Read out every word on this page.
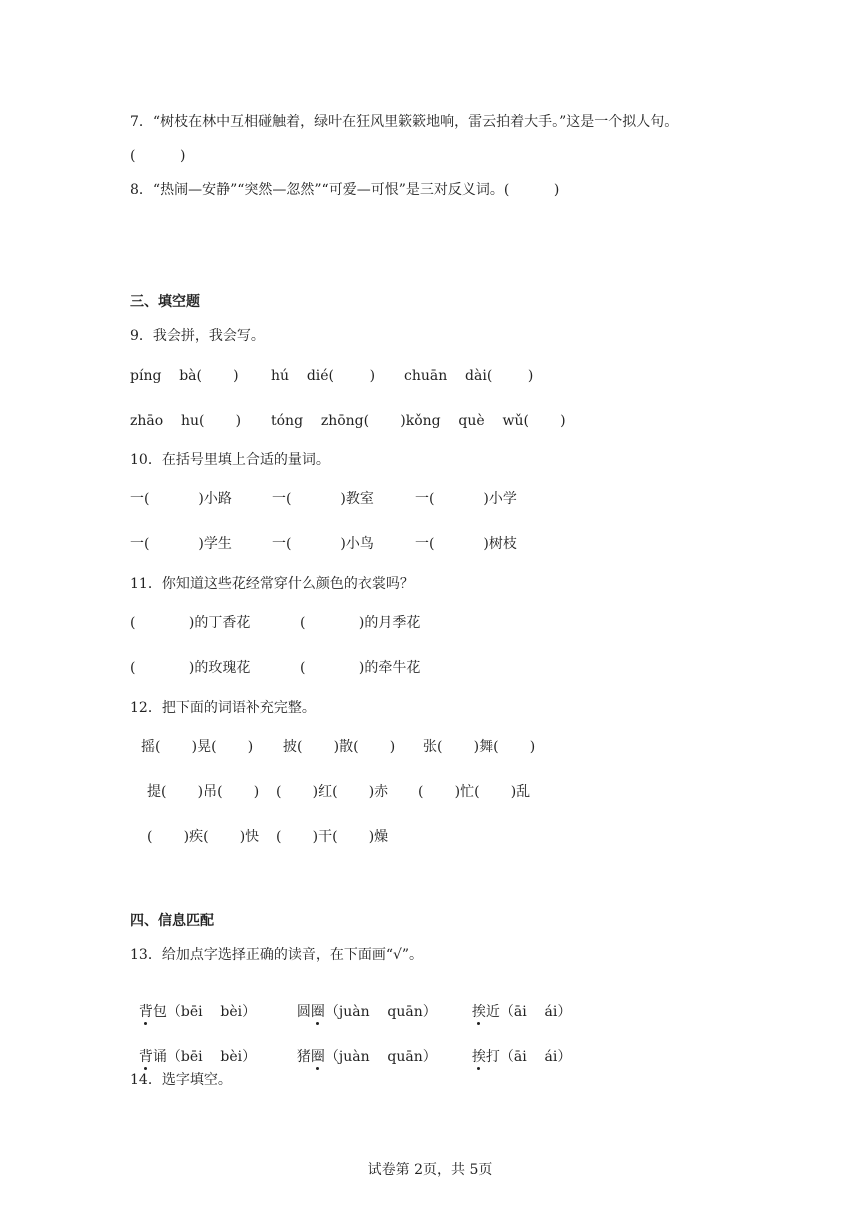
7．“树枝在林中互相碰触着，绿叶在狂风里簌簌地响，雷云拍着大手。”这是一个拟人句。
(          )
8．“热闹—安静”“突然—忽然”“可爱—可恨”是三对反义词。(          )
三、填空题
9．我会拼，我会写。
píng    bà(       ) hú    dié(        ) chuān    dài(        )
zhāo    hu(       ) tóng    zhōng(       )kǒng    què    wǔ(       )
10．在括号里填上合适的量词。
一(           )小路	一(           )教室	一(           )小学
一(           )学生	一(           )小鸟	一(           )树枝
11．你知道这些花经常穿什么颜色的衣裳吗？
(            )的丁香花	(            )的月季花
(            )的玫瑰花	(            )的牵牛花
12．把下面的词语补充完整。
摇(       )晃(       ) 披(       )散(       ) 张(       )舞(       )
提(       )吊(       ) (       )红(       )赤 (       )忙(       )乱
(       )疾(       )快 (       )干(       )燥
四、信息匹配
13．给加点字选择正确的读音，在下面画“√”。

背包（bēi    bèi）	圆圈（juàn    quān）	挨近（āi    ái）

背诵（bēi    bèi）	猪圈（juàn    quān）	挨打（āi    ái）

14．选字填空。
试卷第 2页，共 5页
